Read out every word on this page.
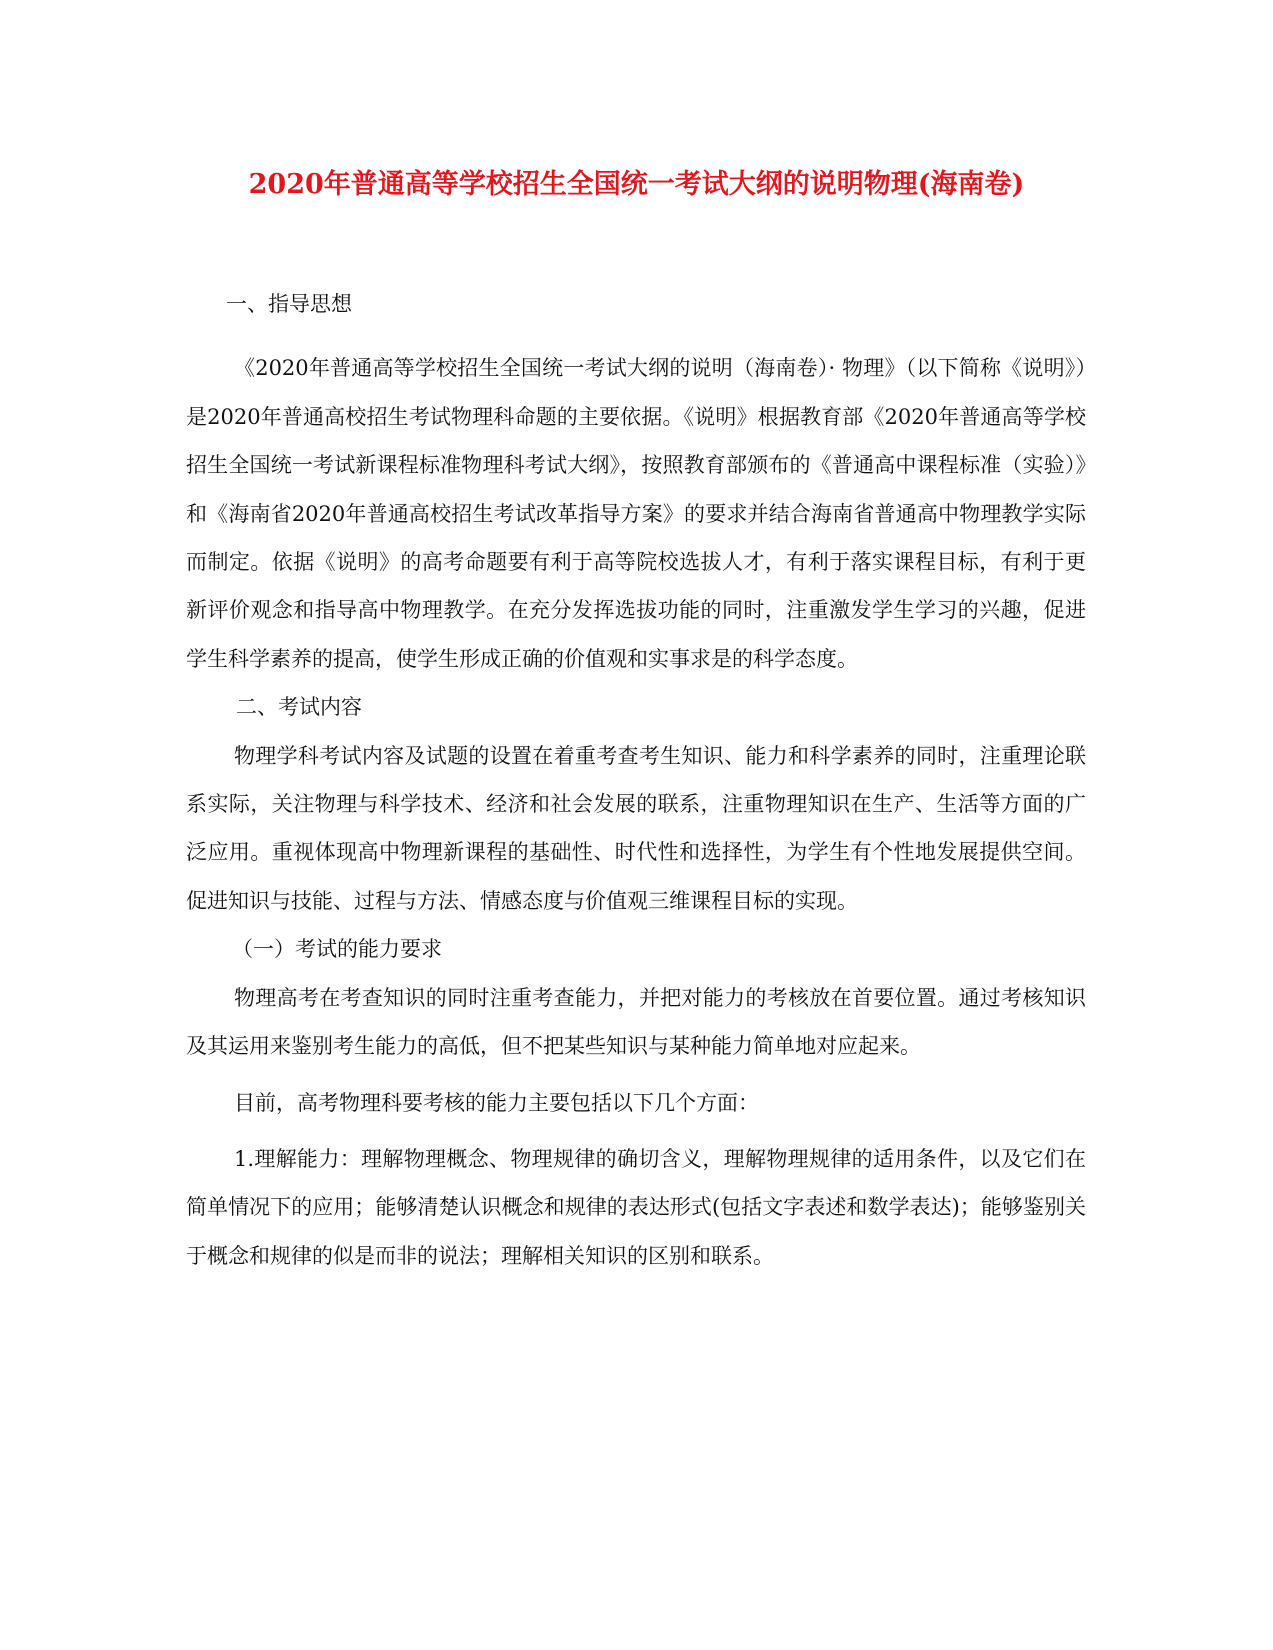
2020年普通高等学校招生全国统一考试大纲的说明物理(海南卷)

一、指导思想

《2020年普通高等学校招生全国统一考试大纲的说明（海南卷）· 物理》（以下简称《说明》）是2020年普通高校招生考试物理科命题的主要依据。《说明》根据教育部《2020年普通高等学校招生全国统一考试新课程标准物理科考试大纲》，按照教育部颁布的《普通高中课程标准（实验）》和《海南省2020年普通高校招生考试改革指导方案》的要求并结合海南省普通高中物理教学实际而制定。依据《说明》的高考命题要有利于高等院校选拔人才，有利于落实课程目标，有利于更新评价观念和指导高中物理教学。在充分发挥选拔功能的同时，注重激发学生学习的兴趣，促进学生科学素养的提高，使学生形成正确的价值观和实事求是的科学态度。

二、考试内容

物理学科考试内容及试题的设置在着重考查考生知识、能力和科学素养的同时，注重理论联系实际，关注物理与科学技术、经济和社会发展的联系，注重物理知识在生产、生活等方面的广泛应用。重视体现高中物理新课程的基础性、时代性和选择性，为学生有个性地发展提供空间。促进知识与技能、过程与方法、情感态度与价值观三维课程目标的实现。

（一）考试的能力要求

物理高考在考查知识的同时注重考查能力，并把对能力的考核放在首要位置。通过考核知识及其运用来鉴别考生能力的高低，但不把某些知识与某种能力简单地对应起来。

目前，高考物理科要考核的能力主要包括以下几个方面：

1.理解能力：理解物理概念、物理规律的确切含义，理解物理规律的适用条件，以及它们在简单情况下的应用；能够清楚认识概念和规律的表达形式(包括文字表述和数学表达)；能够鉴别关于概念和规律的似是而非的说法；理解相关知识的区别和联系。
